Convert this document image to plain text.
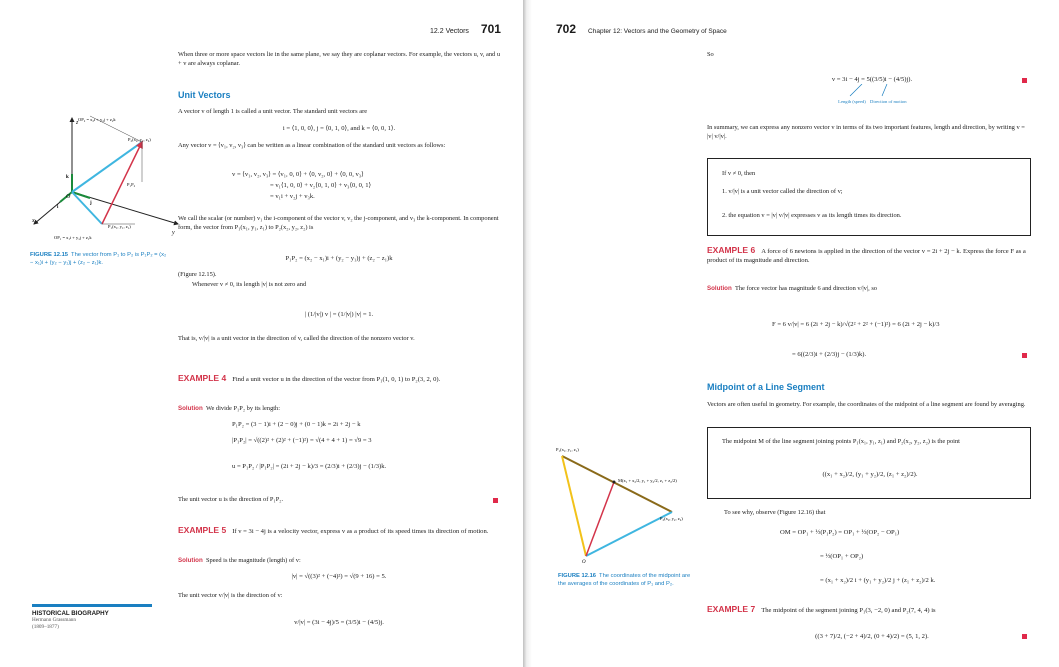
12.2 Vectors 701
When three or more space vectors lie in the same plane, we say they are coplanar vectors. For example, the vectors u, v, and u + v are always coplanar.
Unit Vectors
A vector v of length 1 is called a unit vector. The standard unit vectors are
i = ⟨1, 0, 0⟩, j = ⟨0, 1, 0⟩, and k = ⟨0, 0, 1⟩.
Any vector v = ⟨v₁, v₂, v₃⟩ can be written as a linear combination of the standard unit vectors as follows:
v = ⟨v₁, v₂, v₃⟩ = ⟨v₁, 0, 0⟩ + ⟨0, v₂, 0⟩ + ⟨0, 0, v₃⟩
= v₁⟨1, 0, 0⟩ + v₂⟨0, 1, 0⟩ + v₃⟨0, 0, 1⟩
= v₁i + v₂j + v₃k.
We call the scalar (or number) v₁ the i-component of the vector v, v₂ the j-component, and v₃ the k-component. In component form, the vector from P₁(x₁, y₁, z₁) to P₂(x₂, y₂, z₂) is
P₁P₂ = (x₂ − x₁)i + (y₂ − y₁)j + (z₂ − z₁)k
(Figure 12.15).
Whenever v ≠ 0, its length |v| is not zero and
| (1/|v|) v | = (1/|v|) |v| = 1.
That is, v/|v| is a unit vector in the direction of v, called the direction of the nonzero vector v.
EXAMPLE 4 Find a unit vector u in the direction of the vector from P₁(1, 0, 1) to P₂(3, 2, 0).
Solution We divide P₁P₂ by its length:
P₁P₂ = (3 − 1)i + (2 − 0)j + (0 − 1)k = 2i + 2j − k
|P₁P₂| = √((2)² + (2)² + (−1)²) = √(4 + 4 + 1) = √9 = 3
u = P₁P₂ / |P₁P₂| = (2i + 2j − k)/3 = (2/3)i + (2/3)j − (1/3)k.
The unit vector u is the direction of P₁P₂.
EXAMPLE 5 If v = 3i − 4j is a velocity vector, express v as a product of its speed times its direction of motion.
Solution Speed is the magnitude (length) of v:
|v| = √((3)² + (−4)²) = √(9 + 16) = 5.
The unit vector v/|v| is the direction of v:
v/|v| = (3i − 4j)/5 = (3/5)i − (4/5)j.
z
y
x
O
k
j
i
OP₂ = x₂i + y₂j + z₂k
P₂(x₂, y₂, z₂)
P₁P₂
P₁(x₁, y₁, z₁)
OP₁ = x₁i + y₁j + z₁k
FIGURE 12.15 The vector from P₁ to P₂ is P₁P₂ = (x₂ − x₁)i + (y₂ − y₁)j + (z₂ − z₁)k.
HISTORICAL BIOGRAPHY
Hermann Grassmann
(1809–1877)
702 Chapter 12: Vectors and the Geometry of Space
So
v = 3i − 4j = 5((3/5)i − (4/5)j).
Length (speed) Direction of motion
In summary, we can express any nonzero vector v in terms of its two important features, length and direction, by writing v = |v| v/|v|.
If v ≠ 0, then
1. v/|v| is a unit vector called the direction of v;
2. the equation v = |v| v/|v| expresses v as its length times its direction.
EXAMPLE 6 A force of 6 newtons is applied in the direction of the vector v = 2i + 2j − k. Express the force F as a product of its magnitude and direction.
Solution The force vector has magnitude 6 and direction v/|v|, so
F = 6 v/|v| = 6 (2i + 2j − k)/√(2² + 2² + (−1)²) = 6 (2i + 2j − k)/3
= 6((2/3)i + (2/3)j − (1/3)k).
Midpoint of a Line Segment
Vectors are often useful in geometry. For example, the coordinates of the midpoint of a line segment are found by averaging.
The midpoint M of the line segment joining points P₁(x₁, y₁, z₁) and P₂(x₂, y₂, z₂) is the point
((x₁ + x₂)/2, (y₁ + y₂)/2, (z₁ + z₂)/2).
To see why, observe (Figure 12.16) that
OM = OP₁ + ½(P₁P₂) = OP₁ + ½(OP₂ − OP₁)
= ½(OP₁ + OP₂)
= (x₁ + x₂)/2 i + (y₁ + y₂)/2 j + (z₁ + z₂)/2 k.
EXAMPLE 7 The midpoint of the segment joining P₁(3, −2, 0) and P₂(7, 4, 4) is
((3 + 7)/2, (−2 + 4)/2, (0 + 4)/2) = (5, 1, 2).
P₁(x₁, y₁, z₁)
M(x₁ + x₂/2, y₁ + y₂/2, z₁ + z₂/2)
P₂(x₂, y₂, z₂)
O
FIGURE 12.16 The coordinates of the midpoint are the averages of the coordinates of P₁ and P₂.
